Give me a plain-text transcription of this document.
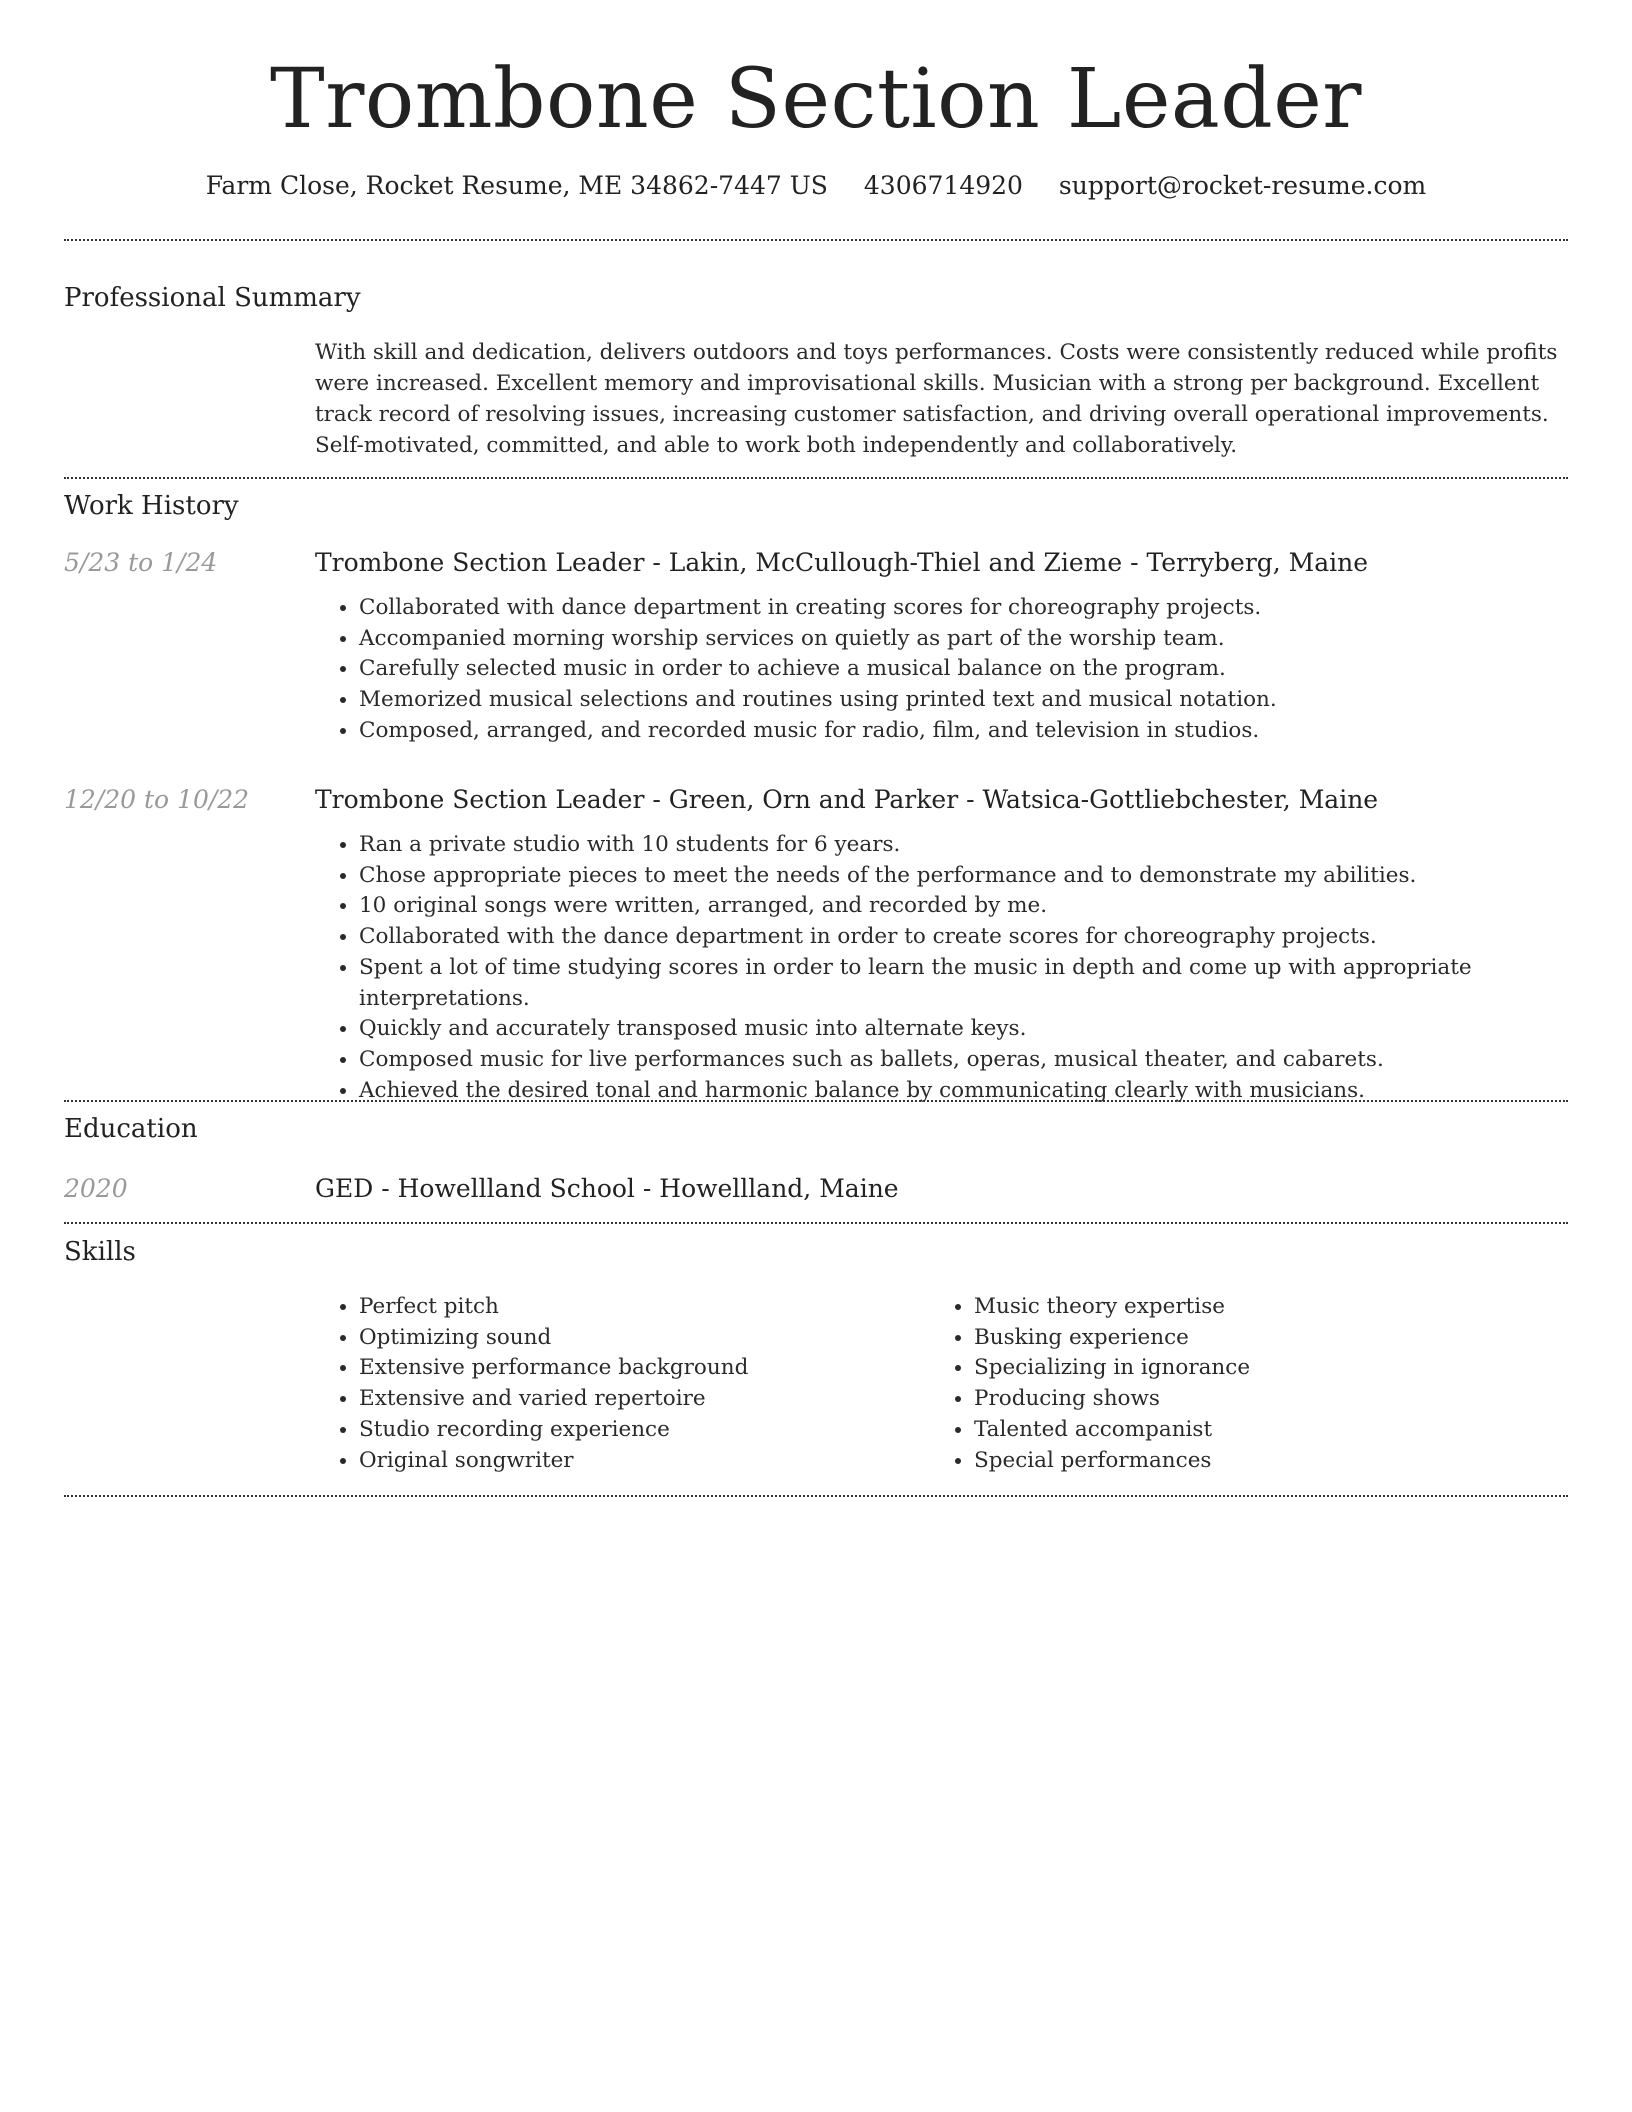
Trombone Section Leader
Farm Close, Rocket Resume, ME 34862-7447 US 4306714920 support@rocket-resume.com
Professional Summary
With skill and dedication, delivers outdoors and toys performances. Costs were consistently reduced while profits were increased. Excellent memory and improvisational skills. Musician with a strong per background. Excellent track record of resolving issues, increasing customer satisfaction, and driving overall operational improvements. Self-motivated, committed, and able to work both independently and collaboratively.
Work History
5/23 to 1/24	Trombone Section Leader - Lakin, McCullough-Thiel and Zieme - Terryberg, Maine
• Collaborated with dance department in creating scores for choreography projects.
• Accompanied morning worship services on quietly as part of the worship team.
• Carefully selected music in order to achieve a musical balance on the program.
• Memorized musical selections and routines using printed text and musical notation.
• Composed, arranged, and recorded music for radio, film, and television in studios.
12/20 to 10/22	Trombone Section Leader - Green, Orn and Parker - Watsica-Gottliebchester, Maine
• Ran a private studio with 10 students for 6 years.
• Chose appropriate pieces to meet the needs of the performance and to demonstrate my abilities.
• 10 original songs were written, arranged, and recorded by me.
• Collaborated with the dance department in order to create scores for choreography projects.
• Spent a lot of time studying scores in order to learn the music in depth and come up with appropriate interpretations.
• Quickly and accurately transposed music into alternate keys.
• Composed music for live performances such as ballets, operas, musical theater, and cabarets.
• Achieved the desired tonal and harmonic balance by communicating clearly with musicians.
Education
2020	GED - Howellland School - Howellland, Maine
Skills
• Perfect pitch
• Optimizing sound
• Extensive performance background
• Extensive and varied repertoire
• Studio recording experience
• Original songwriter
• Music theory expertise
• Busking experience
• Specializing in ignorance
• Producing shows
• Talented accompanist
• Special performances
